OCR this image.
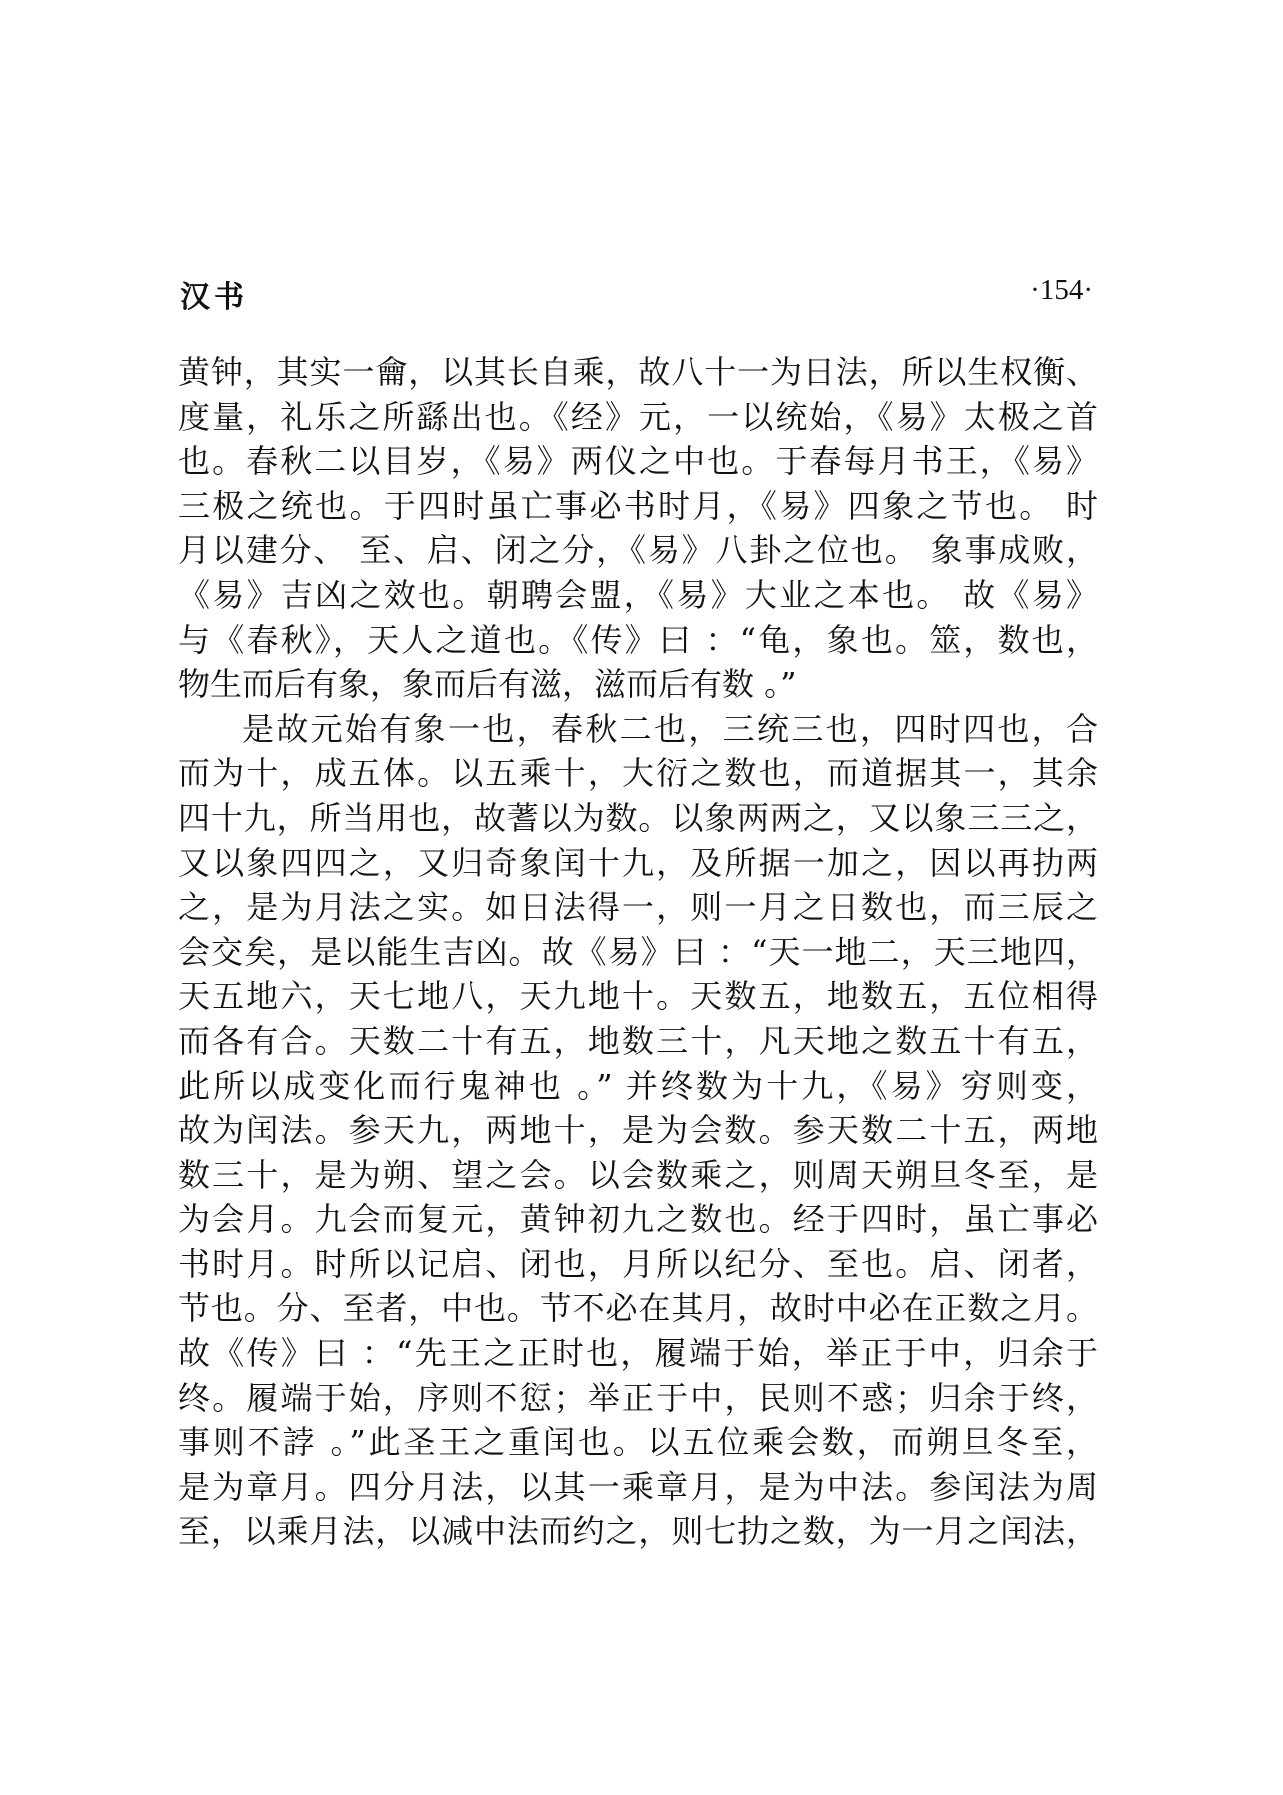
汉书	·154·
黄钟，其实一龠，以其长自乘，故八十一为日法，所以生权衡、
度量，礼乐之所繇出也。《经》元，一以统始，《易》太极之首
也。春秋二以目岁，《易》两仪之中也。于春每月书王，《易》
三极之统也。于四时虽亡事必书时月，《易》四象之节也。 时
月以建分、 至、启、闭之分，《易》八卦之位也。 象事成败，
《易》吉凶之效也。朝聘会盟，《易》大业之本也。 故《易》
与《春秋》，天人之道也。《传》曰 ：“龟，象也。筮，数也，
物生而后有象，象而后有滋，滋而后有数 。”
是故元始有象一也，春秋二也，三统三也，四时四也，合
而为十，成五体。以五乘十，大衍之数也，而道据其一，其余
四十九，所当用也，故蓍以为数。以象两两之，又以象三三之，
又以象四四之，又归奇象闰十九，及所据一加之，因以再扐两
之，是为月法之实。如日法得一，则一月之日数也，而三辰之
会交矣，是以能生吉凶。故《易》曰 ：“天一地二，天三地四，
天五地六，天七地八，天九地十。天数五，地数五，五位相得
而各有合。天数二十有五，地数三十，凡天地之数五十有五，
此所以成变化而行鬼神也 。” 并终数为十九，《易》穷则变，
故为闰法。参天九，两地十，是为会数。参天数二十五，两地
数三十，是为朔、望之会。以会数乘之，则周天朔旦冬至，是
为会月。九会而复元，黄钟初九之数也。经于四时，虽亡事必
书时月。时所以记启、闭也，月所以纪分、至也。启、闭者，
节也。分、至者，中也。节不必在其月，故时中必在正数之月。
故《传》曰 ：“先王之正时也，履端于始，举正于中，归余于
终。履端于始，序则不愆；举正于中，民则不惑；归余于终，
事则不誖 。”此圣王之重闰也。以五位乘会数，而朔旦冬至，
是为章月。四分月法，以其一乘章月，是为中法。参闰法为周
至，以乘月法，以减中法而约之，则七扐之数，为一月之闰法，
